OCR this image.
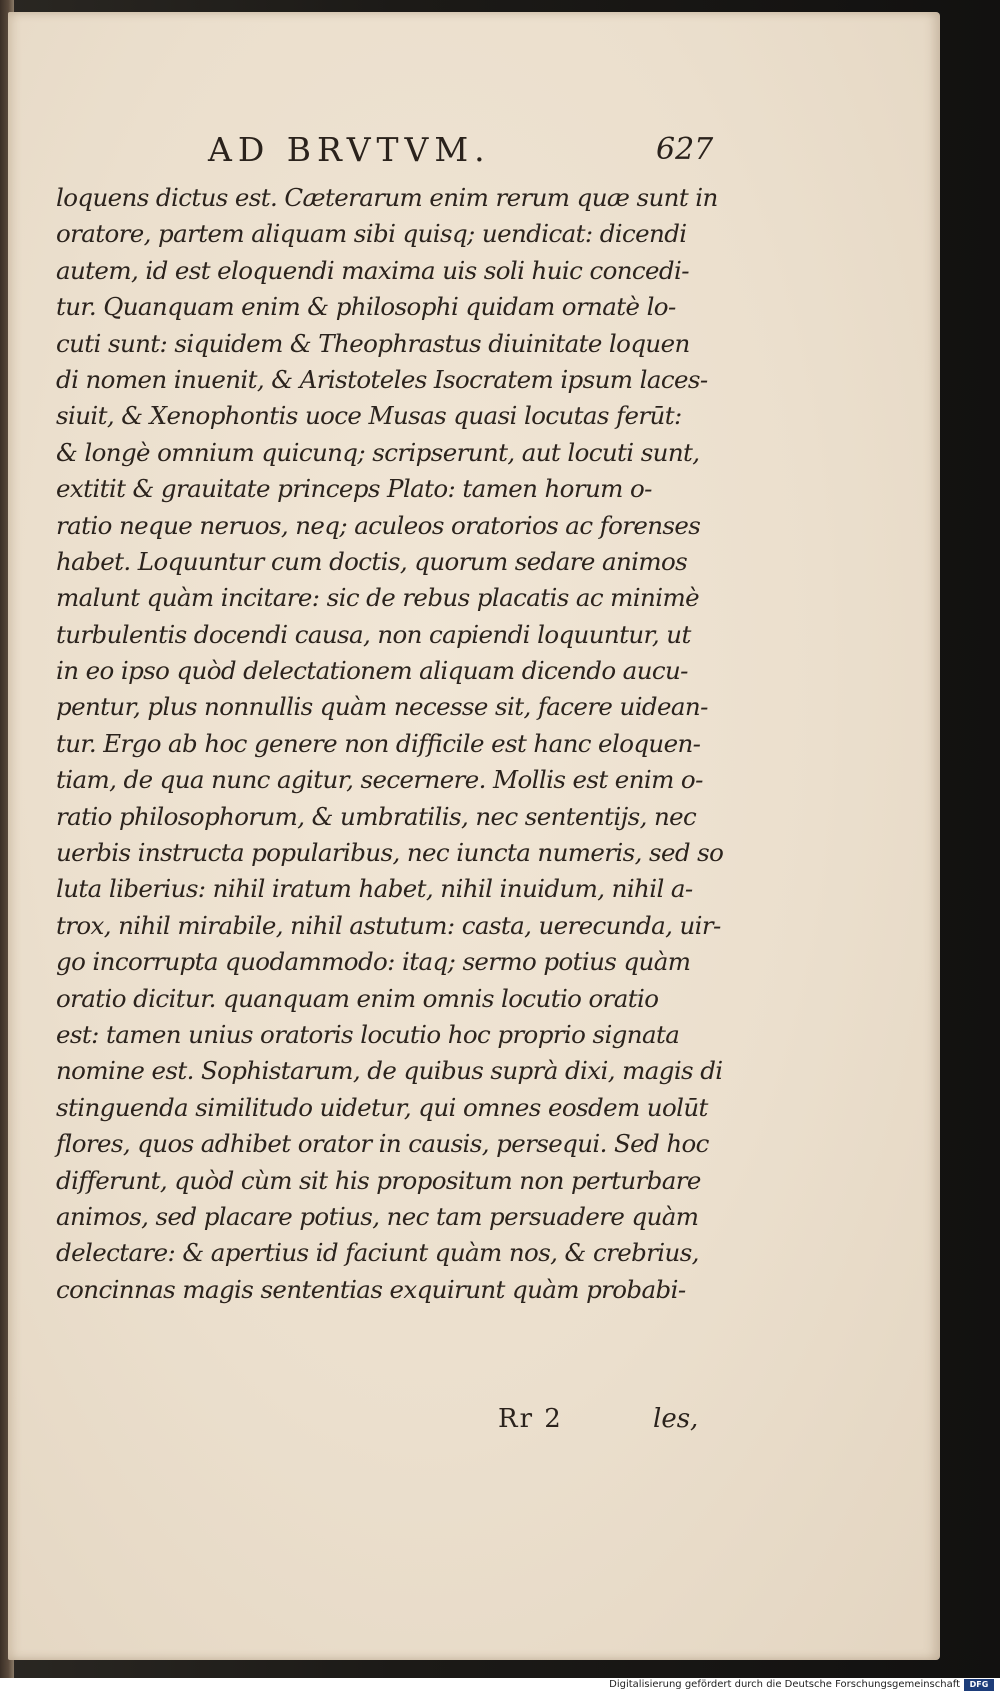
AD BRVTVM.	627
loquens dictus est. Cæterarum enim rerum quæ sunt in
oratore, partem aliquam sibi quisq; uendicat: dicendi
autem, id est eloquendi maxima uis soli huic concedi-
tur. Quanquam enim & philosophi quidam ornatè lo-
cuti sunt: siquidem & Theophrastus diuinitate loquen
di nomen inuenit, & Aristoteles Isocratem ipsum laces-
siuit, & Xenophontis uoce Musas quasi locutas ferūt:
& longè omnium quicunq; scripserunt, aut locuti sunt,
extitit & grauitate princeps Plato: tamen horum o-
ratio neque neruos, neq; aculeos oratorios ac forenses
habet. Loquuntur cum doctis, quorum sedare animos
malunt quàm incitare: sic de rebus placatis ac minimè
turbulentis docendi causa, non capiendi loquuntur, ut
in eo ipso quòd delectationem aliquam dicendo aucu-
pentur, plus nonnullis quàm necesse sit, facere uidean-
tur. Ergo ab hoc genere non difficile est hanc eloquen-
tiam, de qua nunc agitur, secernere. Mollis est enim o-
ratio philosophorum, & umbratilis, nec sententijs, nec
uerbis instructa popularibus, nec iuncta numeris, sed so
luta liberius: nihil iratum habet, nihil inuidum, nihil a-
trox, nihil mirabile, nihil astutum: casta, uerecunda, uir-
go incorrupta quodammodo: itaq; sermo potius quàm
oratio dicitur. quanquam enim omnis locutio oratio
est: tamen unius oratoris locutio hoc proprio signata
nomine est. Sophistarum, de quibus suprà dixi, magis di
stinguenda similitudo uidetur, qui omnes eosdem uolūt
flores, quos adhibet orator in causis, persequi. Sed hoc
differunt, quòd cùm sit his propositum non perturbare
animos, sed placare potius, nec tam persuadere quàm
delectare: & apertius id faciunt quàm nos, & crebrius,
concinnas magis sententias exquirunt quàm probabi-
Rr 2	les,
Digitalisierung gefördert durch die Deutsche Forschungsgemeinschaft	DFG
